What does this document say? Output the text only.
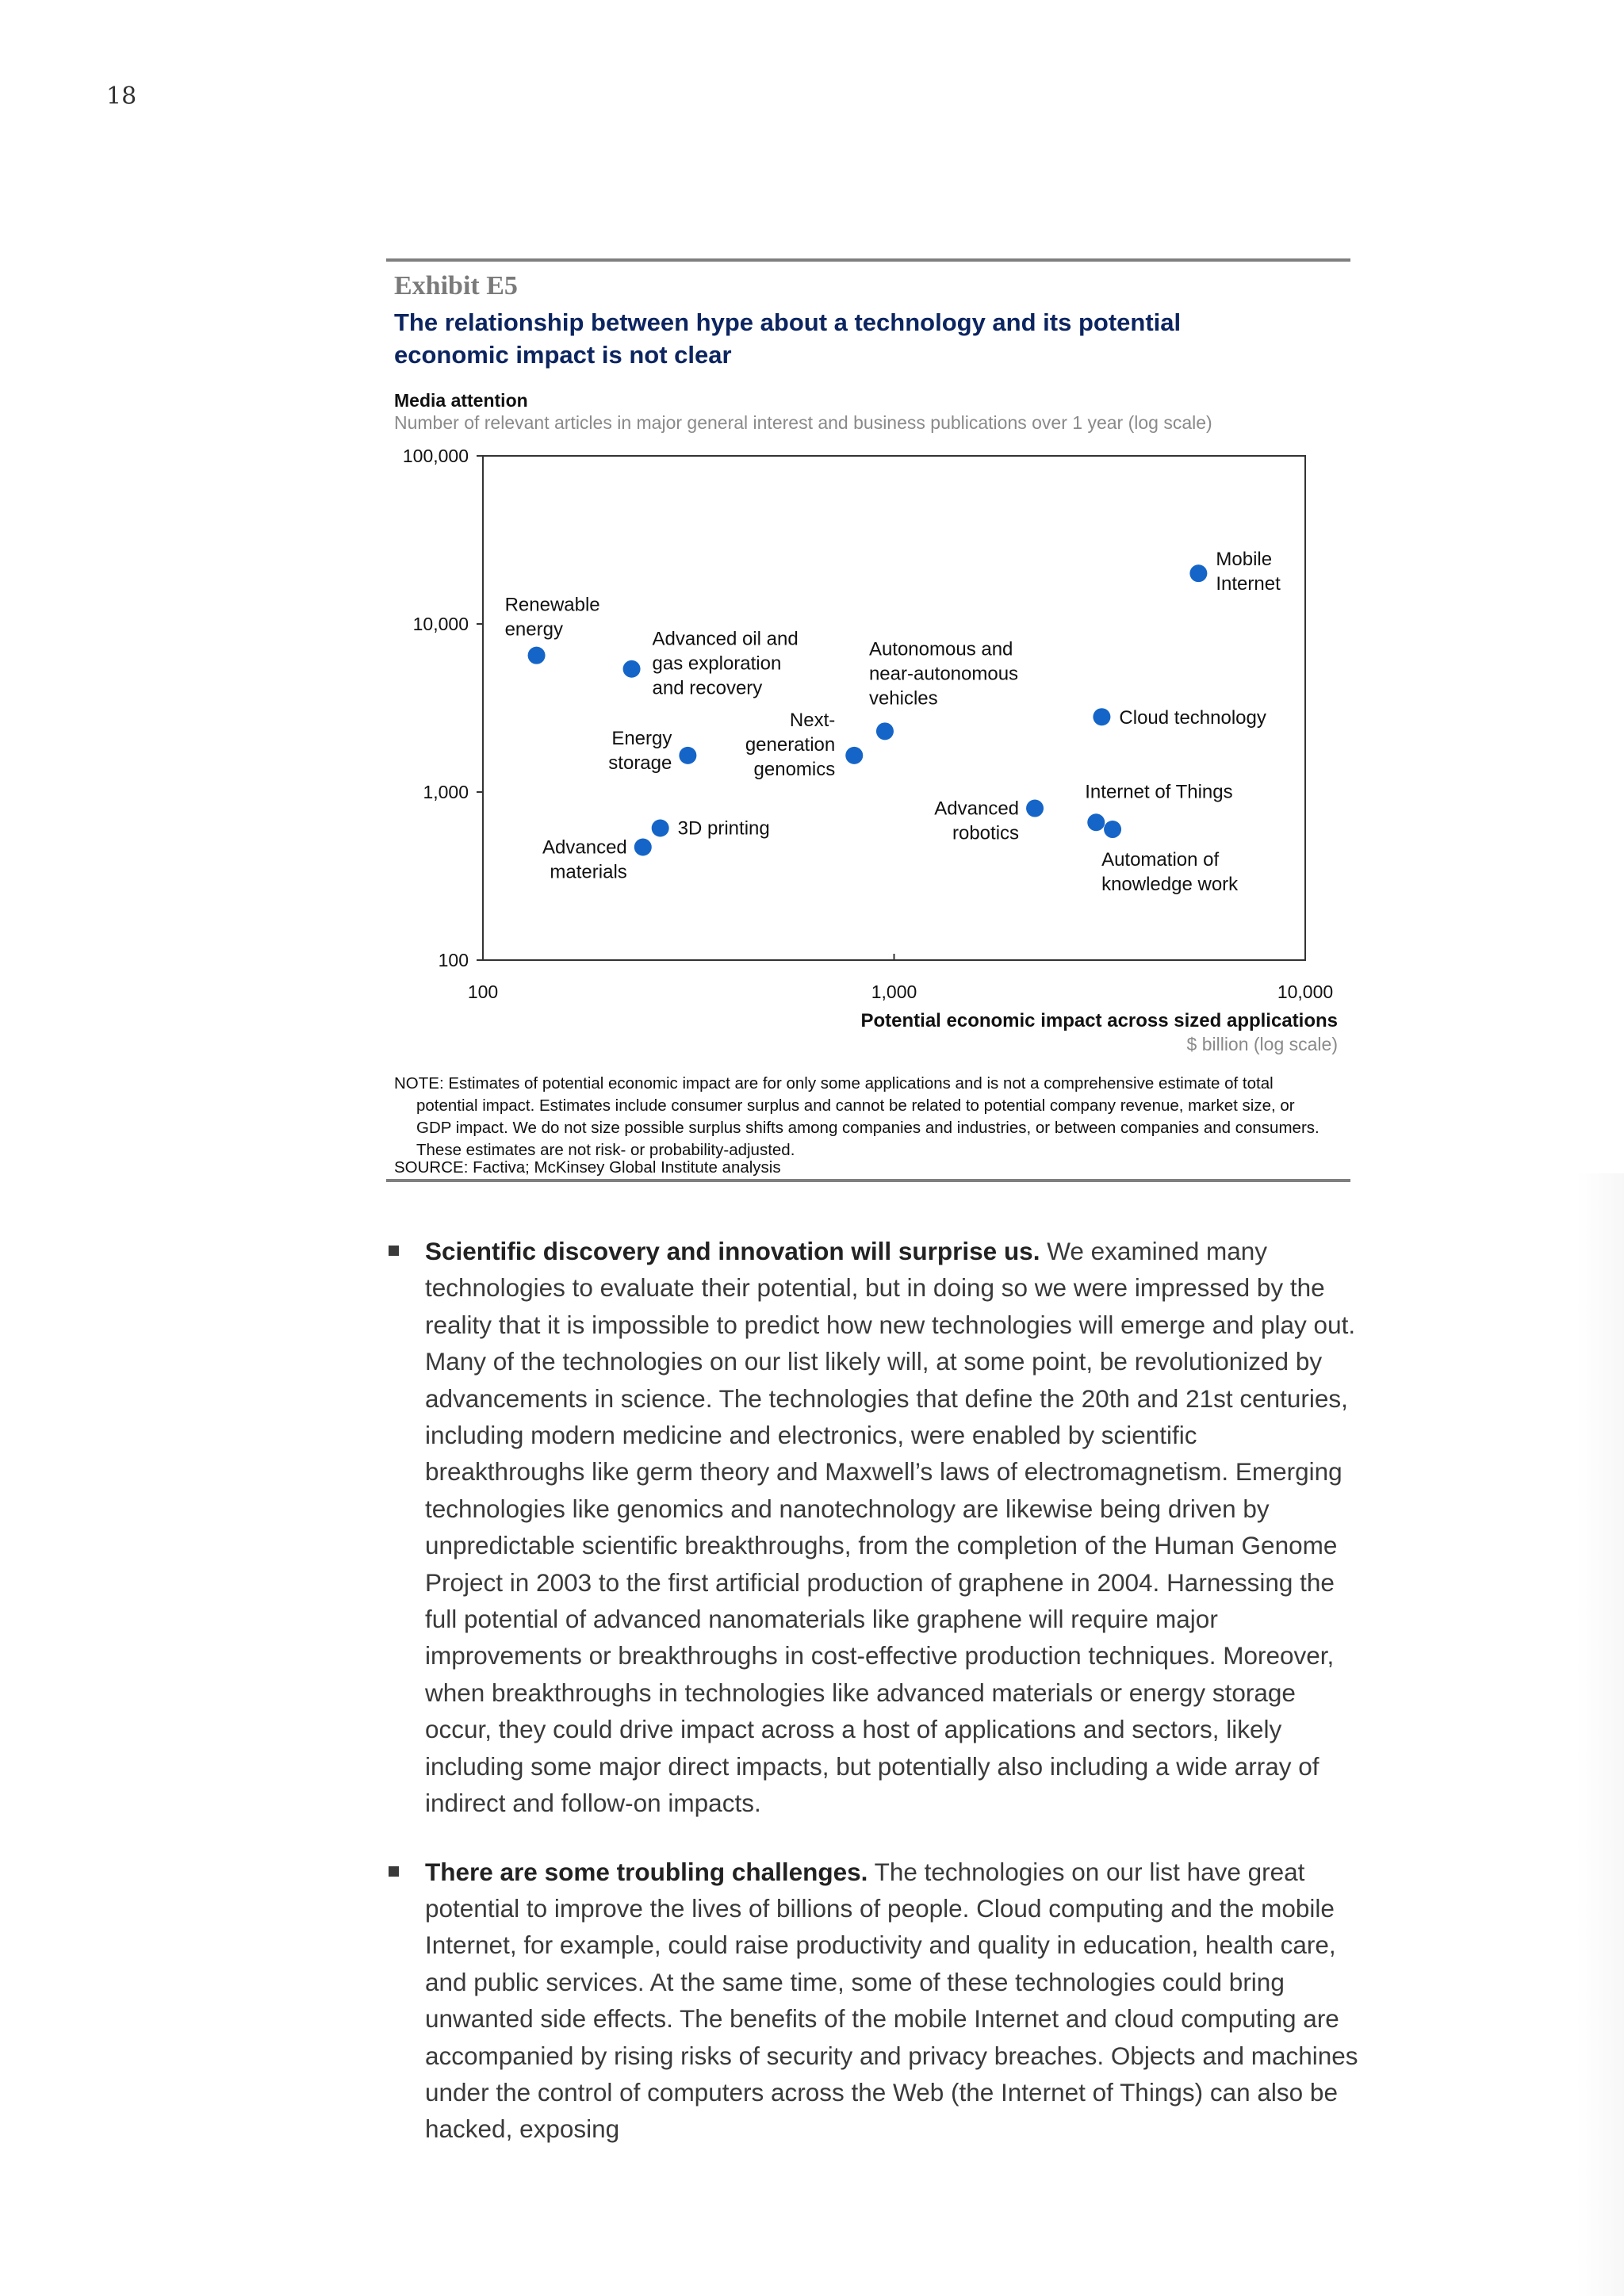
18
Exhibit E5
The relationship between hype about a technology and its potential economic impact is not clear
Media attention
Number of relevant articles in major general interest and business publications over 1 year (log scale)
100
1,000
10,000
100,000
100	1,000	10,000
Mobile Internet
Renewable energy	Advanced oil and gas exploration and recovery
Autonomous and near-autonomous vehicles
Cloud technology
Next-generation genomics
Energy storage
Advanced robotics
Internet of Things
Automation of knowledge work
3D printing
Advanced materials
Potential economic impact across sized applications
$ billion (log scale)
NOTE: Estimates of potential economic impact are for only some applications and is not a comprehensive estimate of total
potential impact. Estimates include consumer surplus and cannot be related to potential company revenue, market size, or GDP impact. We do not size possible surplus shifts among companies and industries, or between companies and consumers. These estimates are not risk- or probability-adjusted.
SOURCE: Factiva; McKinsey Global Institute analysis
Scientific discovery and innovation will surprise us. We examined many technologies to evaluate their potential, but in doing so we were impressed by the reality that it is impossible to predict how new technologies will emerge and play out. Many of the technologies on our list likely will, at some point, be revolutionized by advancements in science. The technologies that define the 20th and 21st centuries, including modern medicine and electronics, were enabled by scientific breakthroughs like germ theory and Maxwell’s laws of electromagnetism. Emerging technologies like genomics and nanotechnology are likewise being driven by unpredictable scientific breakthroughs, from the completion of the Human Genome Project in 2003 to the first artificial production of graphene in 2004. Harnessing the full potential of advanced nanomaterials like graphene will require major improvements or breakthroughs in cost-effective production techniques. Moreover, when breakthroughs in technologies like advanced materials or energy storage occur, they could drive impact across a host of applications and sectors, likely including some major direct impacts, but potentially also including a wide array of indirect and follow-on impacts.
There are some troubling challenges. The technologies on our list have great potential to improve the lives of billions of people. Cloud computing and the mobile Internet, for example, could raise productivity and quality in education, health care, and public services. At the same time, some of these technologies could bring unwanted side effects. The benefits of the mobile Internet and cloud computing are accompanied by rising risks of security and privacy breaches. Objects and machines under the control of computers across the Web (the Internet of Things) can also be hacked, exposing
